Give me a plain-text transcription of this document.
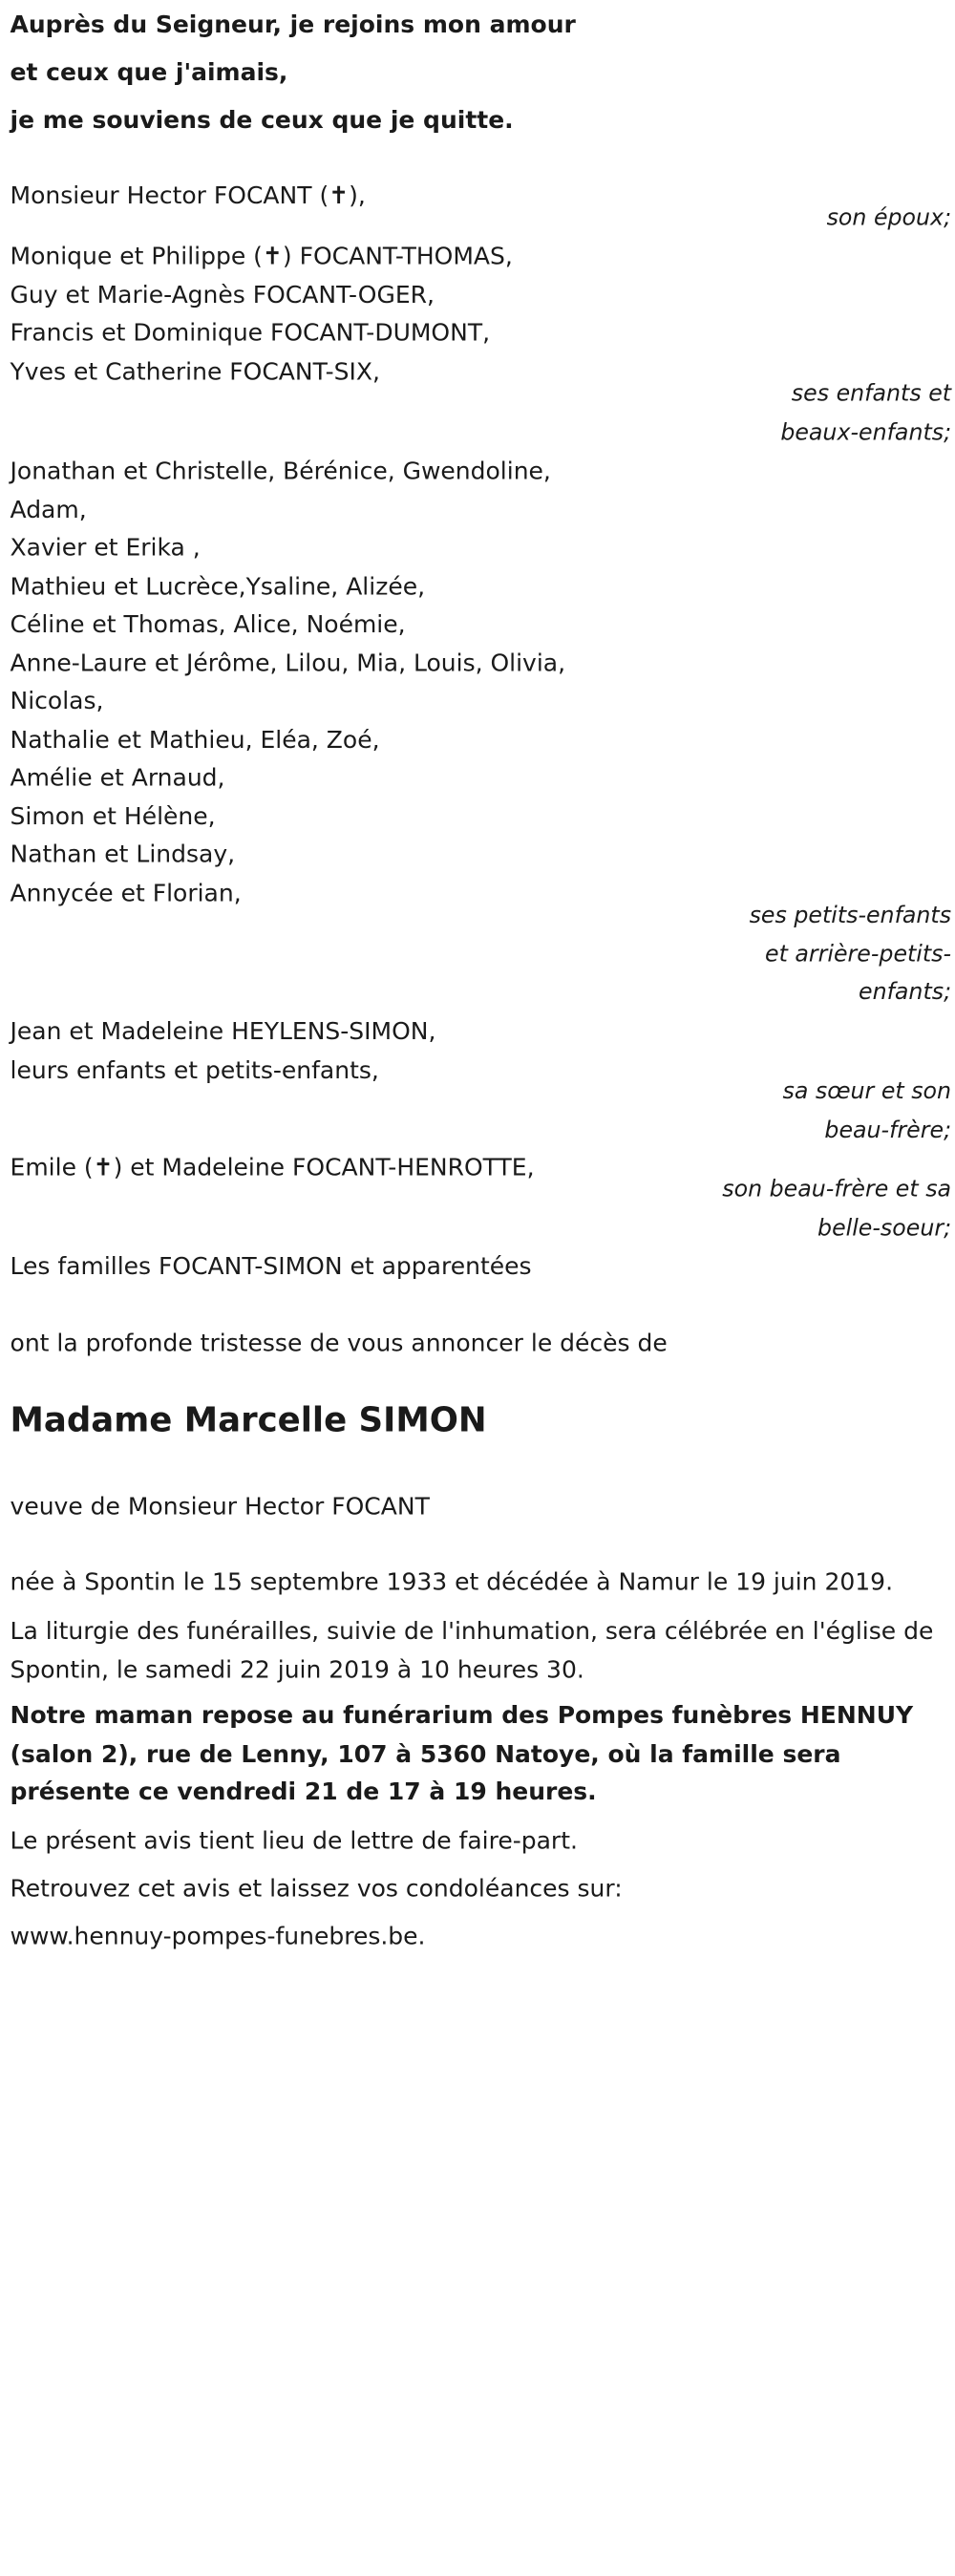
Auprès du Seigneur, je rejoins mon amour
et ceux que j'aimais,
je me souviens de ceux que je quitte.
Monsieur Hector FOCANT (✝),
son époux;
Monique et Philippe (✝) FOCANT-THOMAS,
Guy et Marie-Agnès FOCANT-OGER,
Francis et Dominique FOCANT-DUMONT,
Yves et Catherine FOCANT-SIX,
ses enfants et
beaux-enfants;
Jonathan et Christelle, Bérénice, Gwendoline,
Adam,
Xavier et Erika ,
Mathieu et Lucrèce,Ysaline, Alizée,
Céline et Thomas, Alice, Noémie,
Anne-Laure et Jérôme, Lilou, Mia, Louis, Olivia,
Nicolas,
Nathalie et Mathieu, Eléa, Zoé,
Amélie et Arnaud,
Simon et Hélène,
Nathan et Lindsay,
Annycée et Florian,
ses petits-enfants
et arrière-petits-
enfants;
Jean et Madeleine HEYLENS-SIMON,
leurs enfants et petits-enfants,
sa sœur et son
beau-frère;
Emile (✝) et Madeleine FOCANT-HENROTTE,
son beau-frère et sa
belle-soeur;
Les familles FOCANT-SIMON et apparentées
ont la profonde tristesse de vous annoncer le décès de
Madame Marcelle SIMON
veuve de Monsieur Hector FOCANT
née à Spontin le 15 septembre 1933 et décédée à Namur le 19 juin 2019.
La liturgie des funérailles, suivie de l'inhumation, sera célébrée en l'église de Spontin, le samedi 22 juin 2019 à 10 heures 30.
Notre maman repose au funérarium des Pompes funèbres HENNUY (salon 2), rue de Lenny, 107 à 5360 Natoye, où la famille sera présente ce vendredi 21 de 17 à 19 heures.
Le présent avis tient lieu de lettre de faire-part.
Retrouvez cet avis et laissez vos condoléances sur:
www.hennuy-pompes-funebres.be.
